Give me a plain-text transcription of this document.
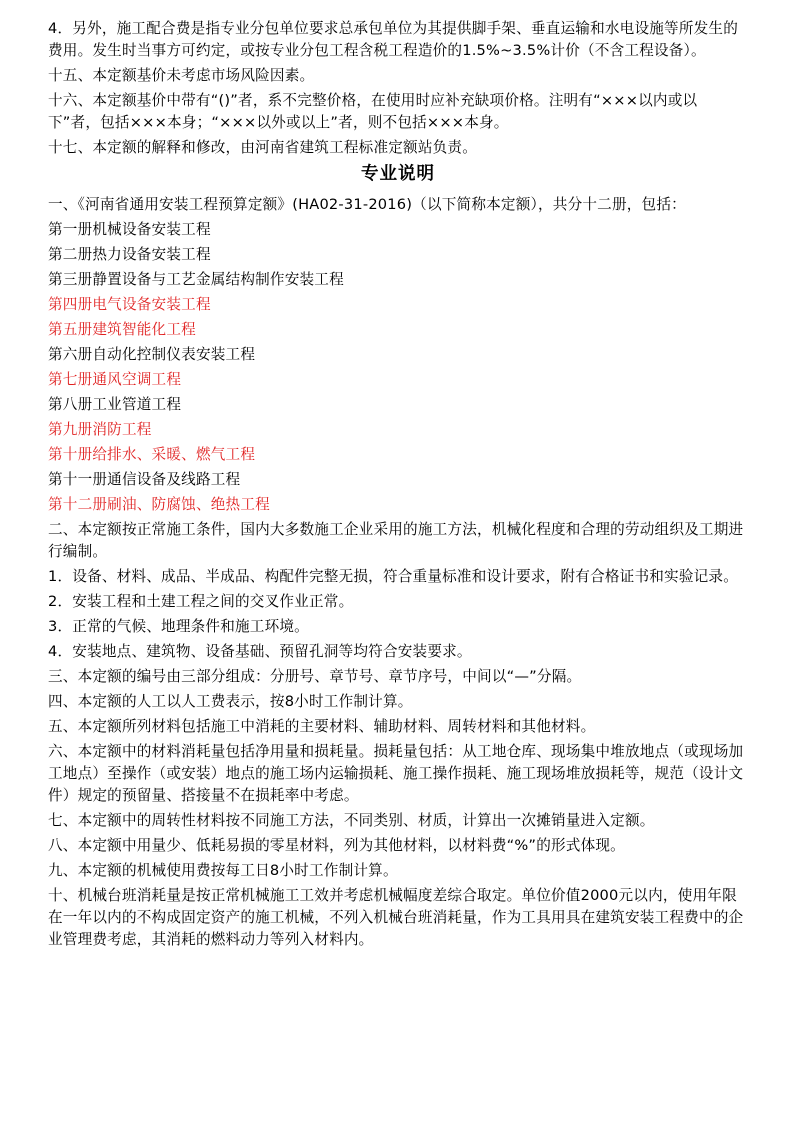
4．另外，施工配合费是指专业分包单位要求总承包单位为其提供脚手架、垂直运输和水电设施等所发生的费用。发生时当事方可约定，或按专业分包工程含税工程造价的1.5%~3.5%计价（不含工程设备）。

十五、本定额基价未考虑市场风险因素。

十六、本定额基价中带有“()”者，系不完整价格，在使用时应补充缺项价格。注明有“×××以内或以下”者，包括×××本身；“×××以外或以上”者，则不包括×××本身。

十七、本定额的解释和修改，由河南省建筑工程标准定额站负责。

专业说明

一、《河南省通用安装工程预算定额》(HA02-31-2016)（以下简称本定额），共分十二册，包括：

第一册机械设备安装工程

第二册热力设备安装工程

第三册静置设备与工艺金属结构制作安装工程

第四册电气设备安装工程

第五册建筑智能化工程

第六册自动化控制仪表安装工程

第七册通风空调工程

第八册工业管道工程

第九册消防工程

第十册给排水、采暖、燃气工程

第十一册通信设备及线路工程

第十二册刷油、防腐蚀、绝热工程

二、本定额按正常施工条件，国内大多数施工企业采用的施工方法，机械化程度和合理的劳动组织及工期进行编制。

1．设备、材料、成品、半成品、构配件完整无损，符合重量标准和设计要求，附有合格证书和实验记录。

2．安装工程和土建工程之间的交叉作业正常。

3．正常的气候、地理条件和施工环境。

4．安装地点、建筑物、设备基础、预留孔洞等均符合安装要求。

三、本定额的编号由三部分组成：分册号、章节号、章节序号，中间以“—”分隔。

四、本定额的人工以人工费表示，按8小时工作制计算。

五、本定额所列材料包括施工中消耗的主要材料、辅助材料、周转材料和其他材料。

六、本定额中的材料消耗量包括净用量和损耗量。损耗量包括：从工地仓库、现场集中堆放地点（或现场加工地点）至操作（或安装）地点的施工场内运输损耗、施工操作损耗、施工现场堆放损耗等，规范（设计文件）规定的预留量、搭接量不在损耗率中考虑。

七、本定额中的周转性材料按不同施工方法，不同类别、材质，计算出一次摊销量进入定额。

八、本定额中用量少、低耗易损的零星材料，列为其他材料，以材料费“%”的形式体现。

九、本定额的机械使用费按每工日8小时工作制计算。

十、机械台班消耗量是按正常机械施工工效并考虑机械幅度差综合取定。单位价值2000元以内，使用年限在一年以内的不构成固定资产的施工机械，不列入机械台班消耗量，作为工具用具在建筑安装工程费中的企业管理费考虑，其消耗的燃料动力等列入材料内。
